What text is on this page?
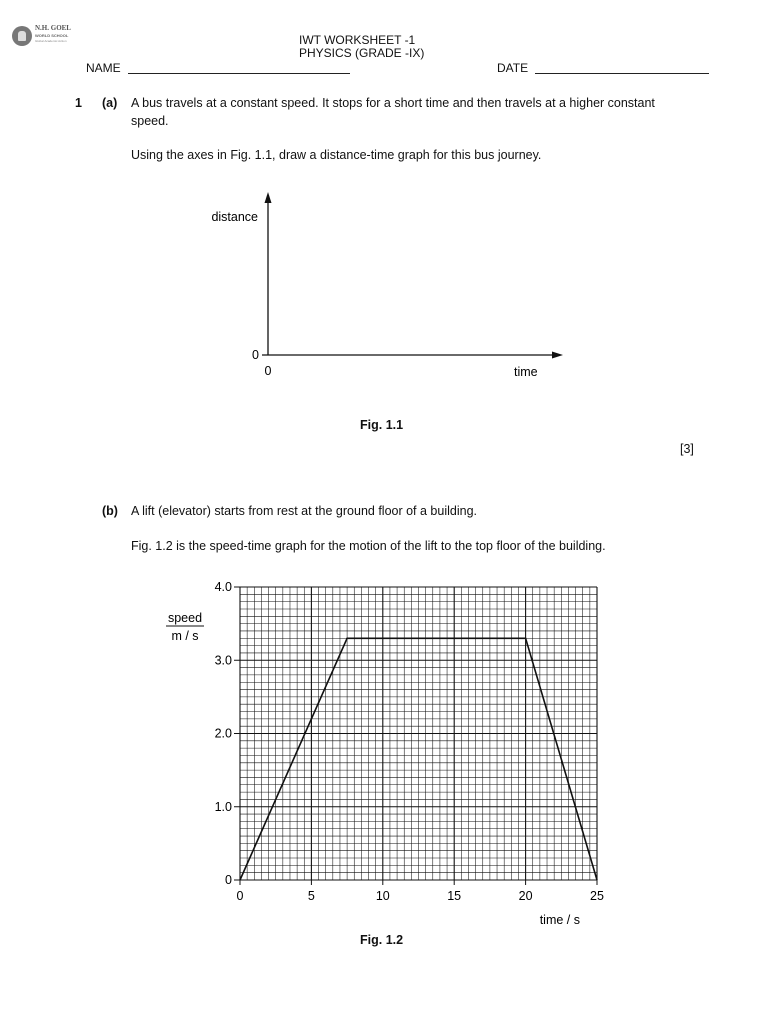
N.H. GOEL
WORLD SCHOOL
Global Academic Action	IWT WORKSHEET -1
PHYSICS (GRADE -IX)
NAME	DATE
1 (a) A bus travels at a constant speed. It stops for a short time and then travels at a higher constant
speed.
Using the axes in Fig. 1.1, draw a distance-time graph for this bus journey.
distance
0
0	time
Fig. 1.1
[3]
(b) A lift (elevator) starts from rest at the ground floor of a building.
Fig. 1.2 is the speed-time graph for the motion of the lift to the top floor of the building.
0	5	10	15	20	25
0
1.0
2.0
3.0
4.0
speed
m / s
time / s
Fig. 1.2
